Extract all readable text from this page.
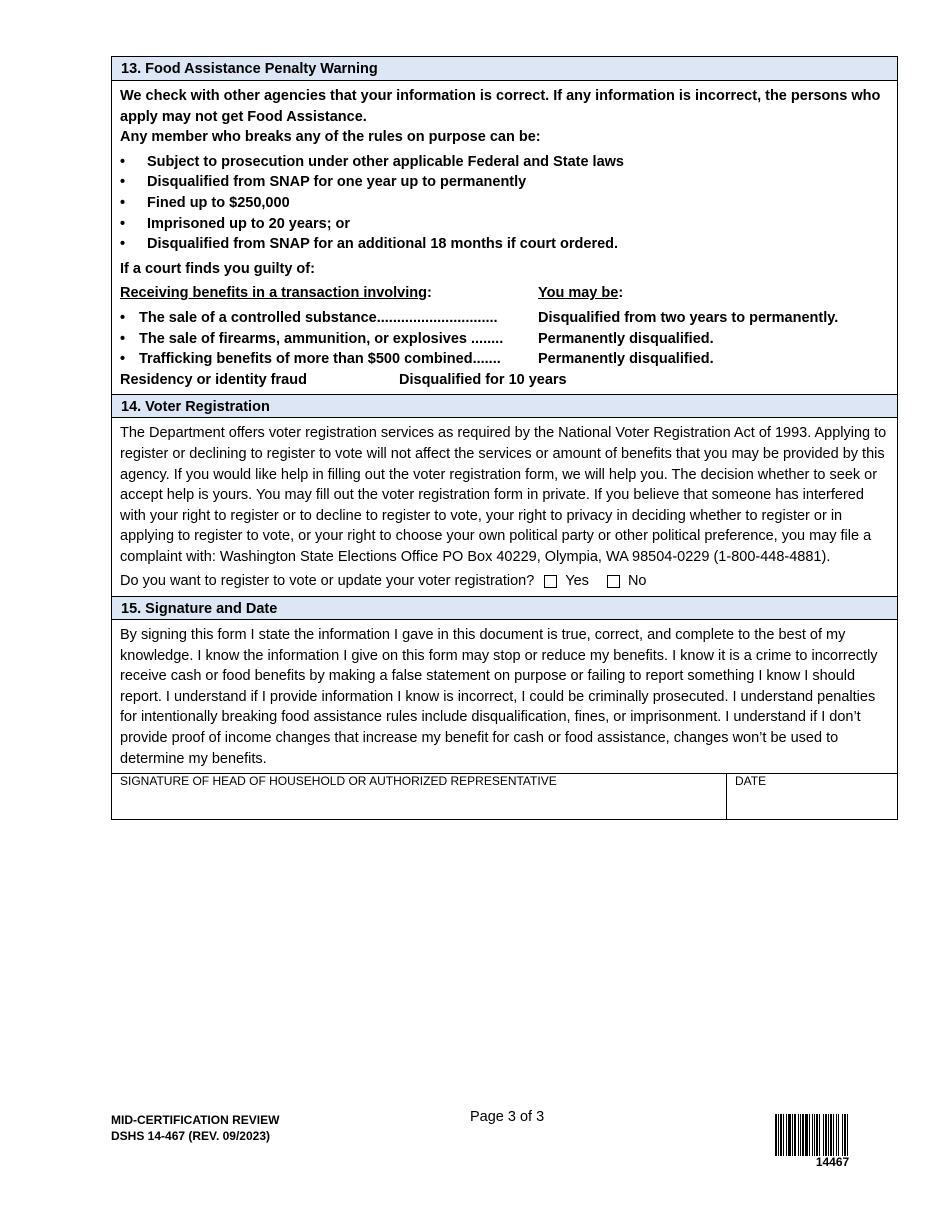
13. Food Assistance Penalty Warning

We check with other agencies that your information is correct. If any information is incorrect, the persons who apply may not get Food Assistance.

Any member who breaks any of the rules on purpose can be:

• Subject to prosecution under other applicable Federal and State laws
• Disqualified from SNAP for one year up to permanently
• Fined up to $250,000
• Imprisoned up to 20 years; or
• Disqualified from SNAP for an additional 18 months if court ordered.

If a court finds you guilty of:

Receiving benefits in a transaction involving:	You may be:
• The sale of a controlled substance..............................	Disqualified from two years to permanently.
• The sale of firearms, ammunition, or explosives ........	Permanently disqualified.
• Trafficking benefits of more than $500 combined.......	Permanently disqualified.
Residency or identity fraud	Disqualified for 10 years
14. Voter Registration

The Department offers voter registration services as required by the National Voter Registration Act of 1993. Applying to register or declining to register to vote will not affect the services or amount of benefits that you may be provided by this agency. If you would like help in filling out the voter registration form, we will help you. The decision whether to seek or accept help is yours. You may fill out the voter registration form in private. If you believe that someone has interfered with your right to register or to decline to register to vote, your right to privacy in deciding whether to register or in applying to register to vote, or your right to choose your own political party or other political preference, you may file a complaint with: Washington State Elections Office PO Box 40229, Olympia, WA 98504-0229 (1-800-448-4881).

Do you want to register to vote or update your voter registration? Yes	No
15. Signature and Date

By signing this form I state the information I gave in this document is true, correct, and complete to the best of my knowledge. I know the information I give on this form may stop or reduce my benefits. I know it is a crime to incorrectly receive cash or food benefits by making a false statement on purpose or failing to report something I know I should report. I understand if I provide information I know is incorrect, I could be criminally prosecuted. I understand penalties for intentionally breaking food assistance rules include disqualification, fines, or imprisonment. I understand if I don’t provide proof of income changes that increase my benefit for cash or food assistance, changes won’t be used to determine my benefits.

SIGNATURE OF HEAD OF HOUSEHOLD OR AUTHORIZED REPRESENTATIVE	DATE
MID-CERTIFICATION REVIEW
DSHS 14-467 (REV. 09/2023)
Page 3 of 3
14467
